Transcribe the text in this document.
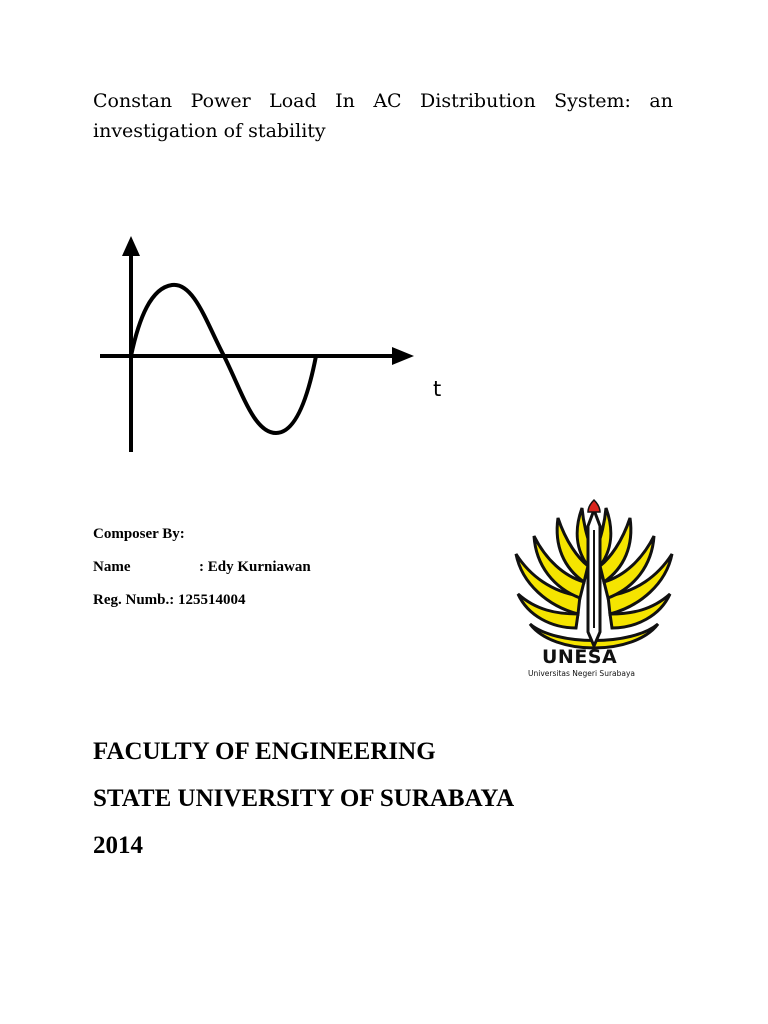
Constan Power Load In AC Distribution System: an investigation of stability
t
Composer By:
Name	: Edy Kurniawan
Reg. Numb. : 125514004
UNESA
Universitas Negeri Surabaya
FACULTY OF ENGINEERING
STATE UNIVERSITY OF SURABAYA
2014
